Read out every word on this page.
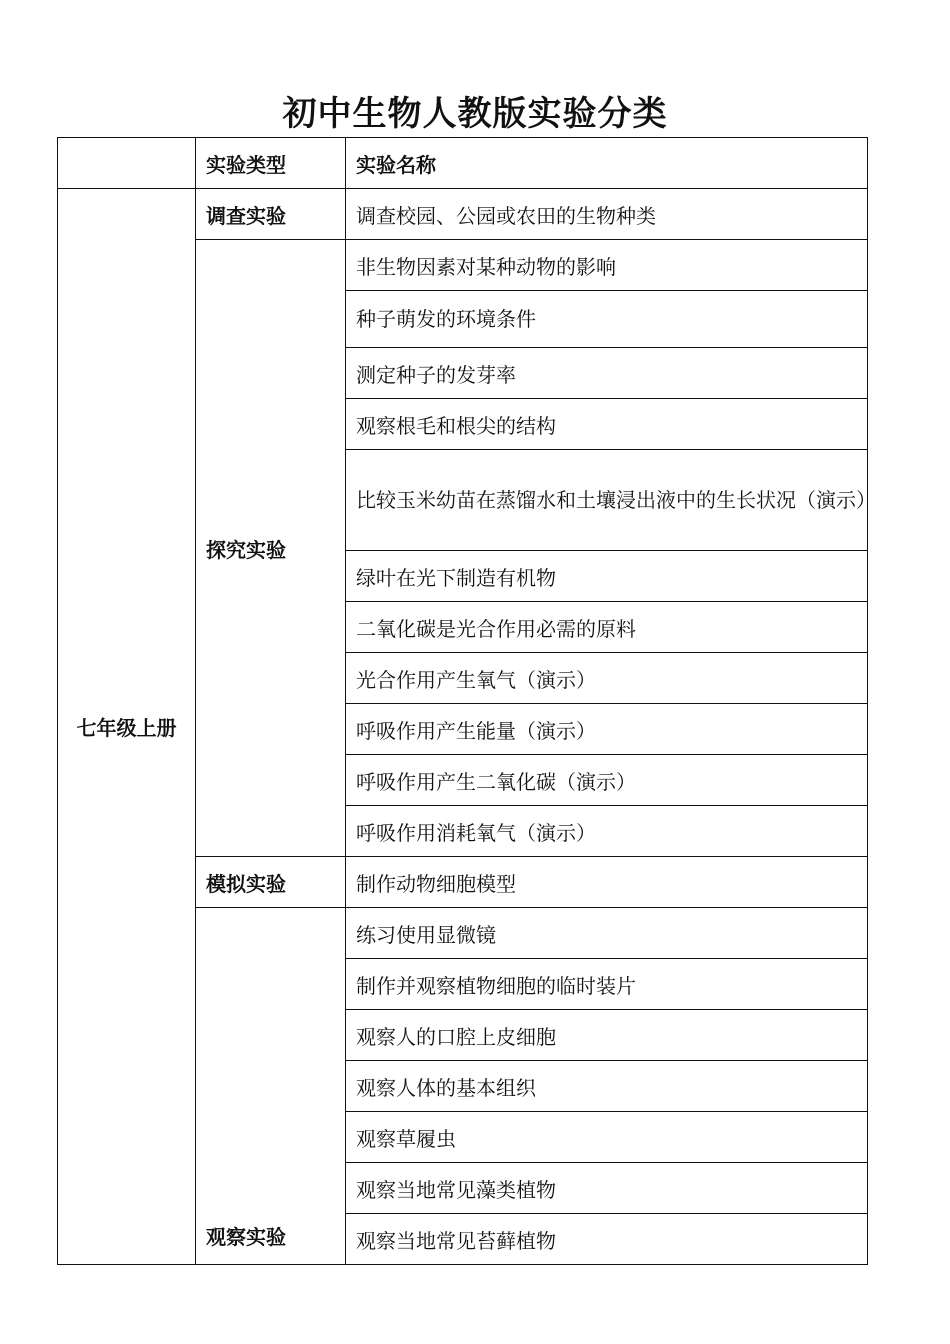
初中生物人教版实验分类
	实验类型	实验名称
七年级上册	调查实验	调查校园、公园或农田的生物种类
	探究实验	非生物因素对某种动物的影响
		种子萌发的环境条件
		测定种子的发芽率
		观察根毛和根尖的结构
		比较玉米幼苗在蒸馏水和土壤浸出液中的生长状况（演示）
		绿叶在光下制造有机物
		二氧化碳是光合作用必需的原料
		光合作用产生氧气（演示）
		呼吸作用产生能量（演示）
		呼吸作用产生二氧化碳（演示）
		呼吸作用消耗氧气（演示）
	模拟实验	制作动物细胞模型
	观察实验	练习使用显微镜
		制作并观察植物细胞的临时装片
		观察人的口腔上皮细胞
		观察人体的基本组织
		观察草履虫
		观察当地常见藻类植物
		观察当地常见苔藓植物
